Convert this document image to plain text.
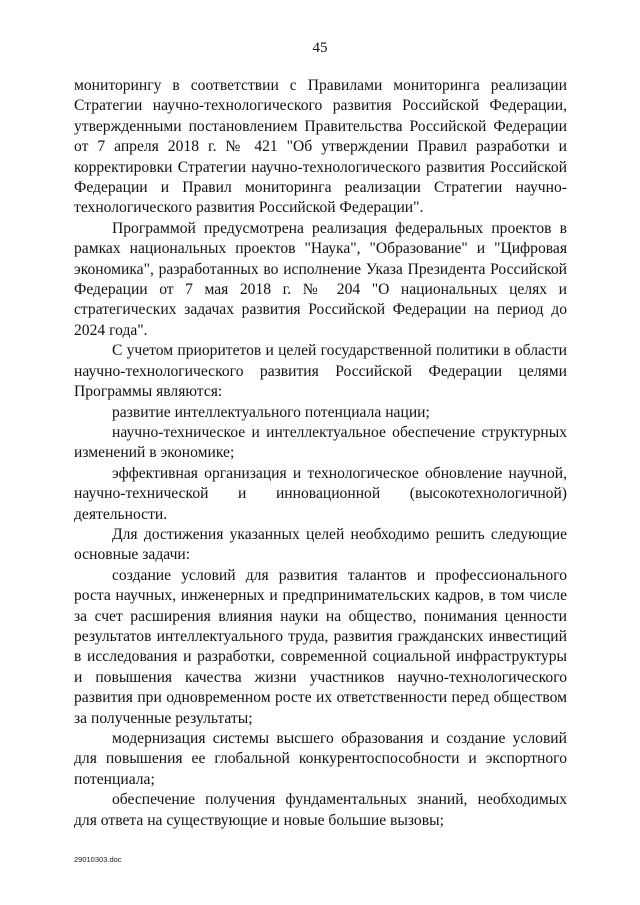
45

мониторингу в соответствии с Правилами мониторинга реализации Стратегии научно-технологического развития Российской Федерации, утвержденными постановлением Правительства Российской Федерации от 7 апреля 2018 г. № 421 "Об утверждении Правил разработки и корректировки Стратегии научно-технологического развития Российской Федерации и Правил мониторинга реализации Стратегии научно-технологического развития Российской Федерации".

Программой предусмотрена реализация федеральных проектов в рамках национальных проектов "Наука", "Образование" и "Цифровая экономика", разработанных во исполнение Указа Президента Российской Федерации от 7 мая 2018 г. № 204 "О национальных целях и стратегических задачах развития Российской Федерации на период до 2024 года".

С учетом приоритетов и целей государственной политики в области научно-технологического развития Российской Федерации целями Программы являются:

развитие интеллектуального потенциала нации;

научно-техническое и интеллектуальное обеспечение структурных изменений в экономике;

эффективная организация и технологическое обновление научной, научно-технической и инновационной (высокотехнологичной) деятельности.

Для достижения указанных целей необходимо решить следующие основные задачи:

создание условий для развития талантов и профессионального роста научных, инженерных и предпринимательских кадров, в том числе за счет расширения влияния науки на общество, понимания ценности результатов интеллектуального труда, развития гражданских инвестиций в исследования и разработки, современной социальной инфраструктуры и повышения качества жизни участников научно-технологического развития при одновременном росте их ответственности перед обществом за полученные результаты;

модернизация системы высшего образования и создание условий для повышения ее глобальной конкурентоспособности и экспортного потенциала;

обеспечение получения фундаментальных знаний, необходимых для ответа на существующие и новые большие вызовы;

29010303.doc
